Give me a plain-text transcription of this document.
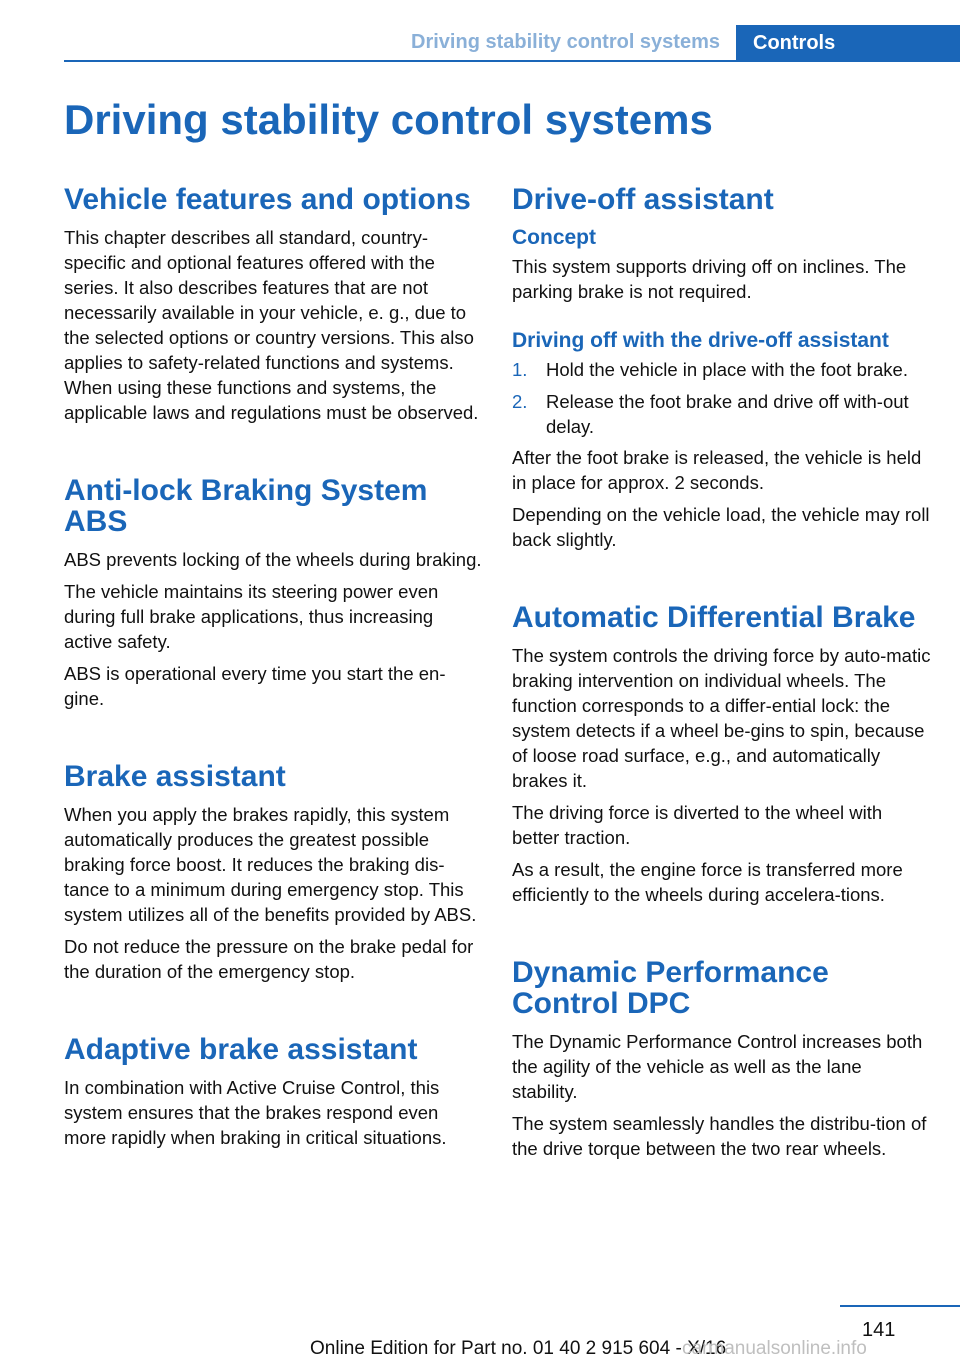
Driving stability control systems	Controls
Driving stability control systems
Vehicle features and options

This chapter describes all standard, country-specific and optional features offered with the series. It also describes features that are not necessarily available in your vehicle, e. g., due to the selected options or country versions. This also applies to safety-related functions and systems. When using these functions and systems, the applicable laws and regulations must be observed.

Anti-lock Braking System ABS

ABS prevents locking of the wheels during braking.

The vehicle maintains its steering power even during full brake applications, thus increasing active safety.

ABS is operational every time you start the en-gine.

Brake assistant

When you apply the brakes rapidly, this system automatically produces the greatest possible braking force boost. It reduces the braking dis-tance to a minimum during emergency stop. This system utilizes all of the benefits provided by ABS.

Do not reduce the pressure on the brake pedal for the duration of the emergency stop.

Adaptive brake assistant

In combination with Active Cruise Control, this system ensures that the brakes respond even more rapidly when braking in critical situations.

Drive-off assistant
Concept

This system supports driving off on inclines. The parking brake is not required.

Driving off with the drive-off assistant
1. Hold the vehicle in place with the foot brake.
2. Release the foot brake and drive off with-out delay.

After the foot brake is released, the vehicle is held in place for approx. 2 seconds.

Depending on the vehicle load, the vehicle may roll back slightly.

Automatic Differential Brake

The system controls the driving force by auto-matic braking intervention on individual wheels. The function corresponds to a differ-ential lock: the system detects if a wheel be-gins to spin, because of loose road surface, e.g., and automatically brakes it.

The driving force is diverted to the wheel with better traction.

As a result, the engine force is transferred more efficiently to the wheels during accelera-tions.

Dynamic Performance Control DPC

The Dynamic Performance Control increases both the agility of the vehicle as well as the lane stability.

The system seamlessly handles the distribu-tion of the drive torque between the two rear wheels.

141
Online Edition for Part no. 01 40 2 915 604 - X/16
carmanualsonline.info
